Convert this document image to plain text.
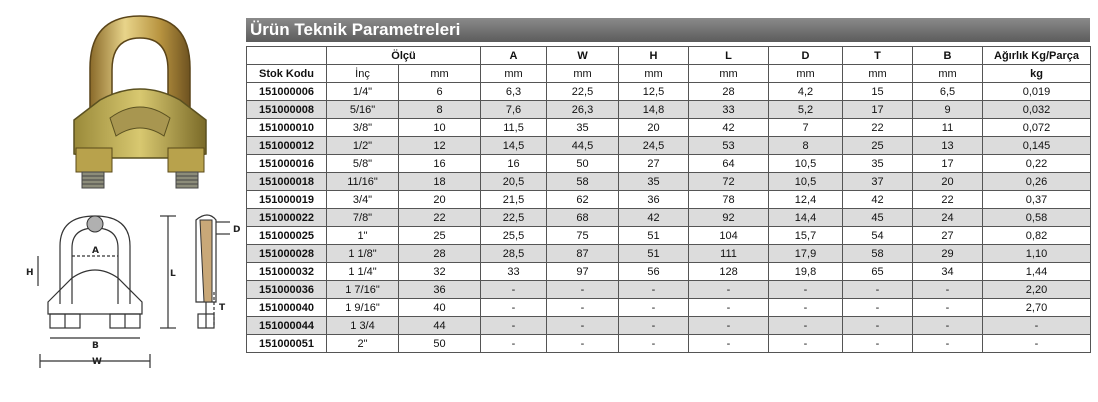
A
H	L
D
T
B
W
Ürün Teknik Parametreleri
	Ölçü		A	W	H	L	D	T	B	Ağırlık Kg/Parça
Stok Kodu	İnç	mm	mm	mm	mm	mm	mm	mm	mm	kg
151000006	1/4"	6	6,3	22,5	12,5	28	4,2	15	6,5	0,019
151000008	5/16"	8	7,6	26,3	14,8	33	5,2	17	9	0,032
151000010	3/8"	10	11,5	35	20	42	7	22	11	0,072
151000012	1/2"	12	14,5	44,5	24,5	53	8	25	13	0,145
151000016	5/8"	16	16	50	27	64	10,5	35	17	0,22
151000018	11/16"	18	20,5	58	35	72	10,5	37	20	0,26
151000019	3/4"	20	21,5	62	36	78	12,4	42	22	0,37
151000022	7/8"	22	22,5	68	42	92	14,4	45	24	0,58
151000025	1"	25	25,5	75	51	104	15,7	54	27	0,82
151000028	1 1/8"	28	28,5	87	51	111	17,9	58	29	1,10
151000032	1 1/4"	32	33	97	56	128	19,8	65	34	1,44
151000036	1 7/16"	36	-	-	-	-	-	-	-	2,20
151000040	1 9/16"	40	-	-	-	-	-	-	-	2,70
151000044	1 3/4	44	-	-	-	-	-	-	-	-
151000051	2"	50	-	-	-	-	-	-	-	-
